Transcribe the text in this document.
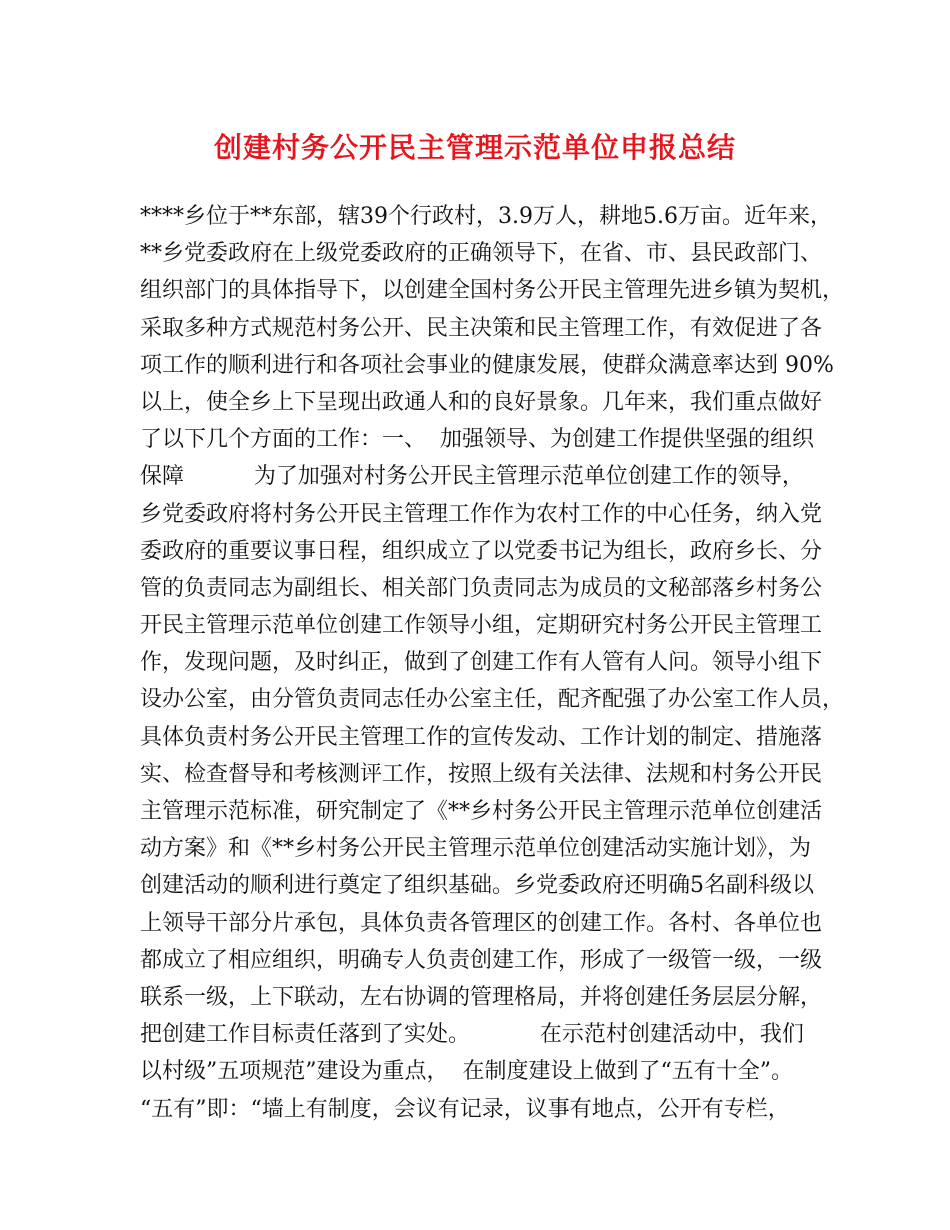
创建村务公开民主管理示范单位申报总结
****乡位于**东部，辖39个行政村，3.9万人，耕地5.6万亩。近年来，
**乡党委政府在上级党委政府的正确领导下，在省、市、县民政部门、
组织部门的具体指导下，以创建全国村务公开民主管理先进乡镇为契机，
采取多种方式规范村务公开、民主决策和民主管理工作，有效促进了各
项工作的顺利进行和各项社会事业的健康发展，使群众满意率达到 90%
以上，使全乡上下呈现出政通人和的良好景象。几年来，我们重点做好
了以下几个方面的工作：一、  加强领导、为创建工作提供坚强的组织
保障          为了加强对村务公开民主管理示范单位创建工作的领导，
乡党委政府将村务公开民主管理工作作为农村工作的中心任务，纳入党
委政府的重要议事日程，组织成立了以党委书记为组长，政府乡长、分
管的负责同志为副组长、相关部门负责同志为成员的文秘部落乡村务公
开民主管理示范单位创建工作领导小组，定期研究村务公开民主管理工
作，发现问题，及时纠正，做到了创建工作有人管有人问。领导小组下
设办公室，由分管负责同志任办公室主任，配齐配强了办公室工作人员，
具体负责村务公开民主管理工作的宣传发动、工作计划的制定、措施落
实、检查督导和考核测评工作，按照上级有关法律、法规和村务公开民
主管理示范标准，研究制定了《**乡村务公开民主管理示范单位创建活
动方案》和《**乡村务公开民主管理示范单位创建活动实施计划》，为
创建活动的顺利进行奠定了组织基础。乡党委政府还明确5名副科级以
上领导干部分片承包，具体负责各管理区的创建工作。各村、各单位也
都成立了相应组织，明确专人负责创建工作，形成了一级管一级，一级
联系一级，上下联动，左右协调的管理格局，并将创建任务层层分解，
把创建工作目标责任落到了实处。          在示范村创建活动中，我们
以村级”五项规范”建设为重点，  在制度建设上做到了“五有十全”。
“五有”即：“墙上有制度，会议有记录，议事有地点，公开有专栏，
